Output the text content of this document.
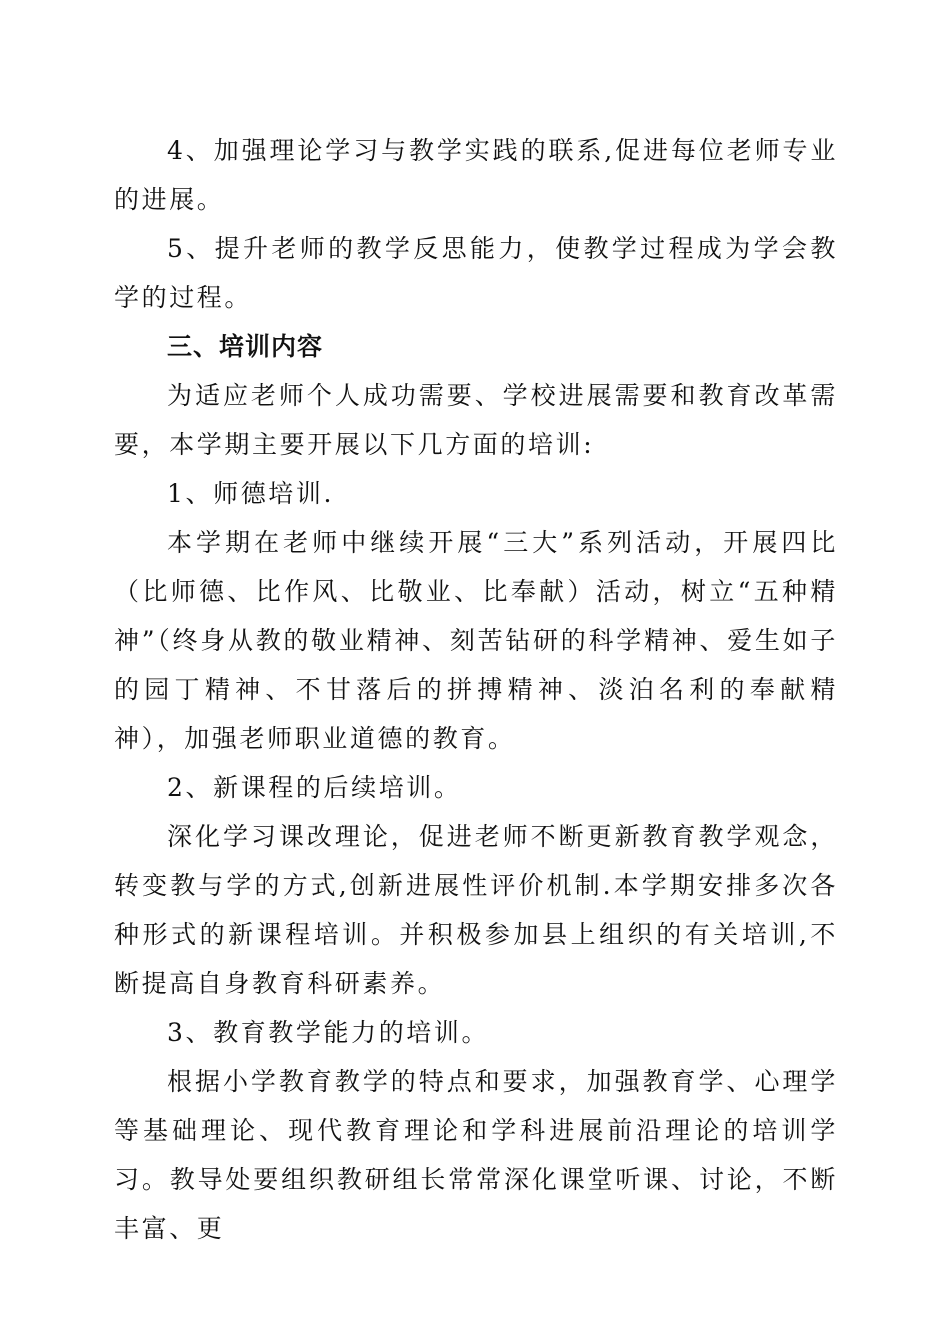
4、加强理论学习与教学实践的联系,促进每位老师专业的进展。

5、提升老师的教学反思能力，使教学过程成为学会教学的过程。

三、培训内容

为适应老师个人成功需要、学校进展需要和教育改革需要，本学期主要开展以下几方面的培训:

1、师德培训.

本学期在老师中继续开展“三大”系列活动，开展四比（比师德、比作风、比敬业、比奉献）活动，树立“五种精神”（终身从教的敬业精神、刻苦钻研的科学精神、爱生如子的园丁精神、不甘落后的拼搏精神、淡泊名利的奉献精神），加强老师职业道德的教育。

2、新课程的后续培训。

深化学习课改理论，促进老师不断更新教育教学观念，转变教与学的方式,创新进展性评价机制.本学期安排多次各种形式的新课程培训。并积极参加县上组织的有关培训,不断提高自身教育科研素养。

3、教育教学能力的培训。

根据小学教育教学的特点和要求，加强教育学、心理学等基础理论、现代教育理论和学科进展前沿理论的培训学习。教导处要组织教研组长常常深化课堂听课、讨论，不断丰富、更
